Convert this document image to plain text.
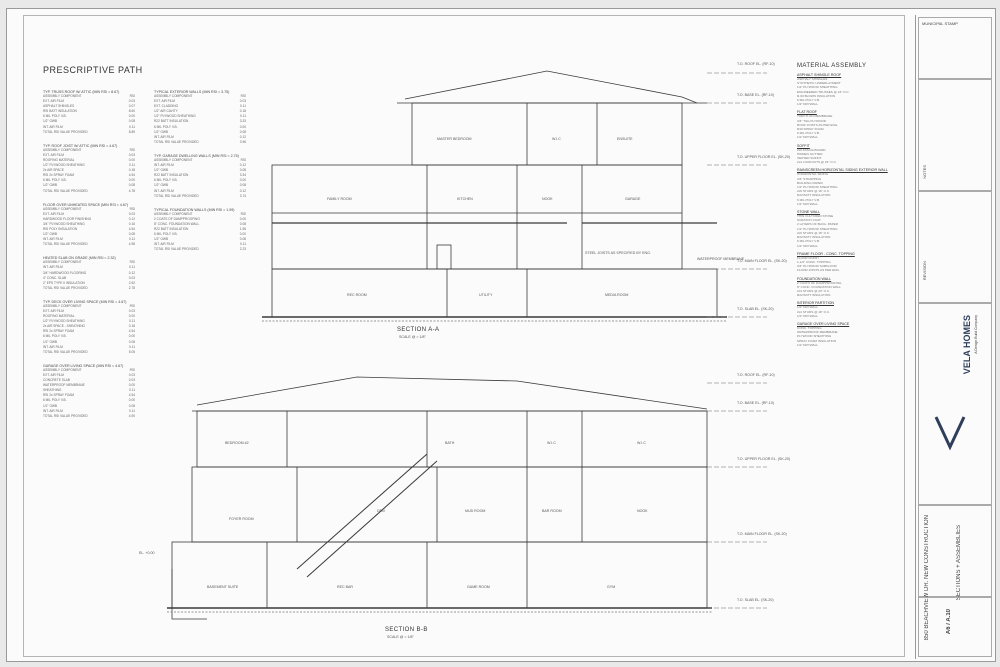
PRESCRIPTIVE PATH
TYP. TRUSS ROOF W/ ATTIC (MIN RSI = 8.67)
ASSEMBLY COMPONENT	RSI
EXT. AIR FILM	0.03
ASPHALT SHINGLES	0.07
RSI BATT INSULATION	8.60
6 MIL POLY V.B.	0.00
1/2" GWB	0.08
INT. AIR FILM	0.11
TOTAL RSI VALUE PROVIDED	8.89
TYP. ROOF JOIST W/ ATTIC (MIN RSI = 4.67)
ASSEMBLY COMPONENT	RSI
EXT. AIR FILM	0.03
ROOFING MATERIAL	0.00
1/2" PLYWOOD SHEATHING	0.11
2x AIR SPACE	0.18
RSI 2x SPRAY FOAM	4.54
6 MIL POLY V.B.	0.00
1/2" GWB	0.08
TOTAL RSI VALUE PROVIDED	4.78
FLOOR OVER UNHEATED SPACE (MIN RSI = 4.67)
ASSEMBLY COMPONENT	RSI
EXT. AIR FILM	0.03
HARDWOOD FLOOR FINISHING	0.12
3/4" PLYWOOD SHEATHING	0.16
RSI POLY INSULATION	4.54
1/2" GWB	0.08
INT. AIR FILM	0.11
TOTAL RSI VALUE PROVIDED	4.98
HEATED SLAB ON GRADE (MIN RSI = 2.32)
ASSEMBLY COMPONENT	RSI
INT. AIR FILM	0.11
3/4" HARDWOOD FLOORING	0.12
4" CONC. SLAB	0.03
2" EPS TYPE II INSULATION	2.52
TOTAL RSI VALUE PROVIDED	2.78
TYP. DECK OVER LIVING SPACE (MIN RSI = 4.67)
ASSEMBLY COMPONENT	RSI
EXT. AIR FILM	0.03
ROOFING MATERIAL	0.00
1/2" PLYWOOD SHEATHING	0.11
2x AIR SPACE - SHEATHING	0.18
RSI 2x SPRAY FOAM	4.54
6 MIL POLY V.B.	0.00
1/2" GWB	0.08
INT. AIR FILM	0.11
TOTAL RSI VALUE PROVIDED	5.05
GARAGE OVER LIVING SPACE (MIN RSI = 4.67)
ASSEMBLY COMPONENT	RSI
EXT. AIR FILM	0.03
CONCRETE SLAB	0.03
WATERPROOF MEMBRANE	0.00
SHEATHING	0.11
RSI 2x SPRAY FOAM	4.54
6 MIL POLY V.B.	0.00
1/2" GWB	0.08
INT. AIR FILM	0.11
TOTAL RSI VALUE PROVIDED	4.90
TYPICAL EXTERIOR WALLS (MIN RSI = 3.75)
ASSEMBLY COMPONENT	RSI
EXT. AIR FILM	0.03
EXT. CLADDING	0.11
1/2" AIR CAVITY	0.18
1/2" PLYWOOD SHEATHING	0.11
R22 BATT INSULATION	3.33
6 MIL POLY V.B.	0.00
1/2" GWB	0.08
INT. AIR FILM	0.12
TOTAL RSI VALUE PROVIDED	3.96
TYP. GARAGE DWELLING WALLS (MIN RSI = 2.75)
ASSEMBLY COMPONENT	RSI
INT. AIR FILM	0.12
1/2" GWB	0.08
R22 BATT INSULATION	3.34
6 MIL POLY V.B.	0.00
1/2" GWB	0.08
INT. AIR FILM	0.12
TOTAL RSI VALUE PROVIDED	3.74
TYPICAL FOUNDATION WALLS (MIN RSI = 1.99)
ASSEMBLY COMPONENT	RSI
2 COATS OF DAMPPROOFING	0.00
8" CONC. FOUNDATION WALL	0.08
R22 BATT INSULATION	1.96
6 MIL POLY V.B.	0.00
1/2" GWB	0.08
INT. AIR FILM	0.11
TOTAL RSI VALUE PROVIDED	2.23
MASTER BEDROOM	W.I.C	ENSUITE
FAMILY ROOM	KITCHEN	NOOK	GARAGE
REC ROOM	UTILITY	MEDIA ROOM
STEEL JOISTS AS SPECIFIED BY ENG.
WATERPROOF MEMBRANE
BEDROOM #2	BATH	W.I.C	W.I.C
FOYER ROOM
DEN	MUD ROOM	BAR ROOM	NOOK
BASEMENT SUITE	REC BAR	GAME ROOM	GYM
EL. +0.00
T.O. ROOF EL. (RF-10)
T.O. BASE EL. (RF-10)
T.O. UPPER FLOOR EL. (SK-20)
T.O. MAIN FLOOR EL. (SK-20)
T.O. SLAB EL. (SK-20)
T.O. ROOF EL. (RF-10)
T.O. BASE EL. (RF-10)
T.O. UPPER FLOOR EL. (SK-20)
T.O. MAIN FLOOR EL. (SK-20)
T.O. SLAB EL. (SK-20)
SECTION A-A
SCALE @ = 1/8"
SECTION B-B
SCALE @ = 1/8"
MATERIAL ASSEMBLY
ASPHALT SHINGLE ROOF
ASPHALT SHINGLES
SYNTHETIC UNDERLAYMENT
1/2" PLYWOOD SHEATHING
ENGINEERED TRUSSES @ 24" O.C.
R-60 BLOWN INSULATION
6 MIL POLY V.B.
1/2" DRYWALL
FLAT ROOF
TORCH-ON MEMBRANE
3/4" T&G PLYWOOD
ROOF JOISTS AS PER ENG.
R40 SPRAY FOAM
6 MIL POLY V.B.
1/2" DRYWALL
SOFFIT
2x6 FASCIA BOARD
HIDDEN GUTTER
VENTED SOFFIT
2x4 LOOKOUTS @ 24" O.C.
RAINSCREEN HORIZONTAL SIDING EXTERIOR WALL
HORIZONTAL SIDING
3/4" STRAPPING
BUILDING PAPER
1/2" PLYWOOD SHEATHING
2x6 STUDS @ 16" O.C.
R22 BATT INSULATION
6 MIL POLY V.B.
1/2" DRYWALL
STONE WALL
THIN CULTURED STONE
SCRATCH COAT
2 LAYERS OF BLDG. PAPER
1/2" PLYWOOD SHEATHING
2x6 STUDS @ 16" O.C.
R22 BATT INSULATION
6 MIL POLY V.B.
1/2" DRYWALL
FRAME FLOOR - CONC. TOPPING
FLOOR FINISH
1-1/2" CONC. TOPPING
3/4" PLYWOOD SUBFLOOR
FLOOR JOISTS AS PER ENG.
FOUNDATION WALL
2 COATS OF DAMPPROOFING
8" CONC. FOUNDATION WALL
2x4 STUDS @ 24" O.C.
R22 BATT INSULATION
INTERIOR PARTITION
1/2" DRYWALL
2x4 STUDS @ 16" O.C.
1/2" DRYWALL
GARAGE OVER LIVING SPACE
CONC. TOPPING
WATERPROOF MEMBRANE
PLYWOOD SHEATHING
SPRAY FOAM INSULATION
1/2" DRYWALL
MUNICIPAL STAMP
NOTES
REVISION
VELA HOMES A Design Build Company
850 BEACHVIEW DR. NEW CONSTRUCTION	SECTIONS + ASSEMBLIES
A6 / A.10
